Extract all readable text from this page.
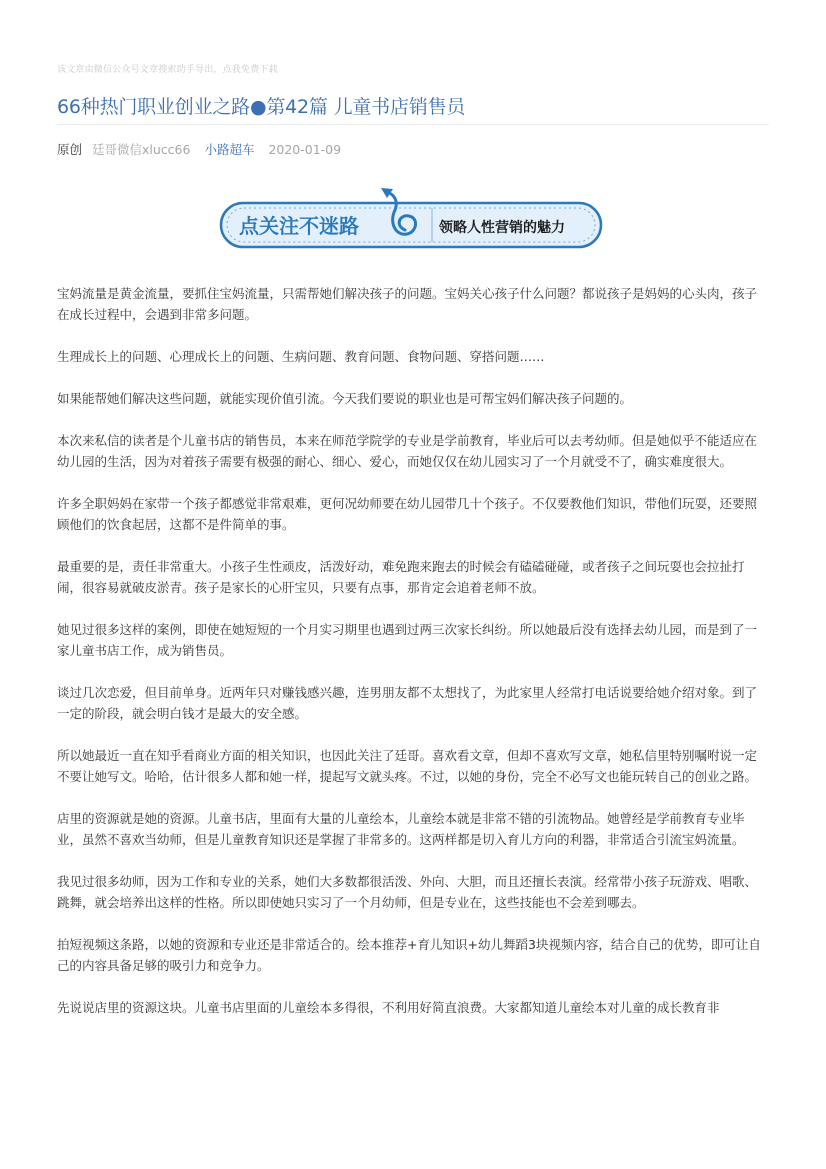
该文章由微信公众号文章搜索助手导出，点我免费下载
66种热门职业创业之路●第42篇 儿童书店销售员
原创 廷哥微信xlucc66 小路超车 2020-01-09
点关注不迷路	领略人性营销的魅力

宝妈流量是黄金流量，要抓住宝妈流量，只需帮她们解决孩子的问题。宝妈关心孩子什么问题？都说孩子是妈妈的心头肉，孩子在成长过程中，会遇到非常多问题。

生理成长上的问题、心理成长上的问题、生病问题、教育问题、食物问题、穿搭问题……

如果能帮她们解决这些问题，就能实现价值引流。今天我们要说的职业也是可帮宝妈们解决孩子问题的。

本次来私信的读者是个儿童书店的销售员，本来在师范学院学的专业是学前教育，毕业后可以去考幼师。但是她似乎不能适应在幼儿园的生活，因为对着孩子需要有极强的耐心、细心、爱心，而她仅仅在幼儿园实习了一个月就受不了，确实难度很大。

许多全职妈妈在家带一个孩子都感觉非常艰难，更何况幼师要在幼儿园带几十个孩子。不仅要教他们知识，带他们玩耍，还要照顾他们的饮食起居，这都不是件简单的事。

最重要的是，责任非常重大。小孩子生性顽皮，活泼好动，难免跑来跑去的时候会有磕磕碰碰，或者孩子之间玩耍也会拉扯打闹，很容易就破皮淤青。孩子是家长的心肝宝贝，只要有点事，那肯定会追着老师不放。

她见过很多这样的案例，即使在她短短的一个月实习期里也遇到过两三次家长纠纷。所以她最后没有选择去幼儿园，而是到了一家儿童书店工作，成为销售员。

谈过几次恋爱，但目前单身。近两年只对赚钱感兴趣，连男朋友都不太想找了，为此家里人经常打电话说要给她介绍对象。到了一定的阶段，就会明白钱才是最大的安全感。

所以她最近一直在知乎看商业方面的相关知识，也因此关注了廷哥。喜欢看文章，但却不喜欢写文章，她私信里特别嘱咐说一定不要让她写文。哈哈，估计很多人都和她一样，提起写文就头疼。不过，以她的身份，完全不必写文也能玩转自己的创业之路。

店里的资源就是她的资源。儿童书店，里面有大量的儿童绘本，儿童绘本就是非常不错的引流物品。她曾经是学前教育专业毕业，虽然不喜欢当幼师，但是儿童教育知识还是掌握了非常多的。这两样都是切入育儿方向的利器，非常适合引流宝妈流量。

我见过很多幼师，因为工作和专业的关系，她们大多数都很活泼、外向、大胆，而且还擅长表演。经常带小孩子玩游戏、唱歌、跳舞，就会培养出这样的性格。所以即使她只实习了一个月幼师，但是专业在，这些技能也不会差到哪去。

拍短视频这条路，以她的资源和专业还是非常适合的。绘本推荐+育儿知识+幼儿舞蹈3块视频内容，结合自己的优势，即可让自己的内容具备足够的吸引力和竞争力。

先说说店里的资源这块。儿童书店里面的儿童绘本多得很，不利用好简直浪费。大家都知道儿童绘本对儿童的成长教育非
